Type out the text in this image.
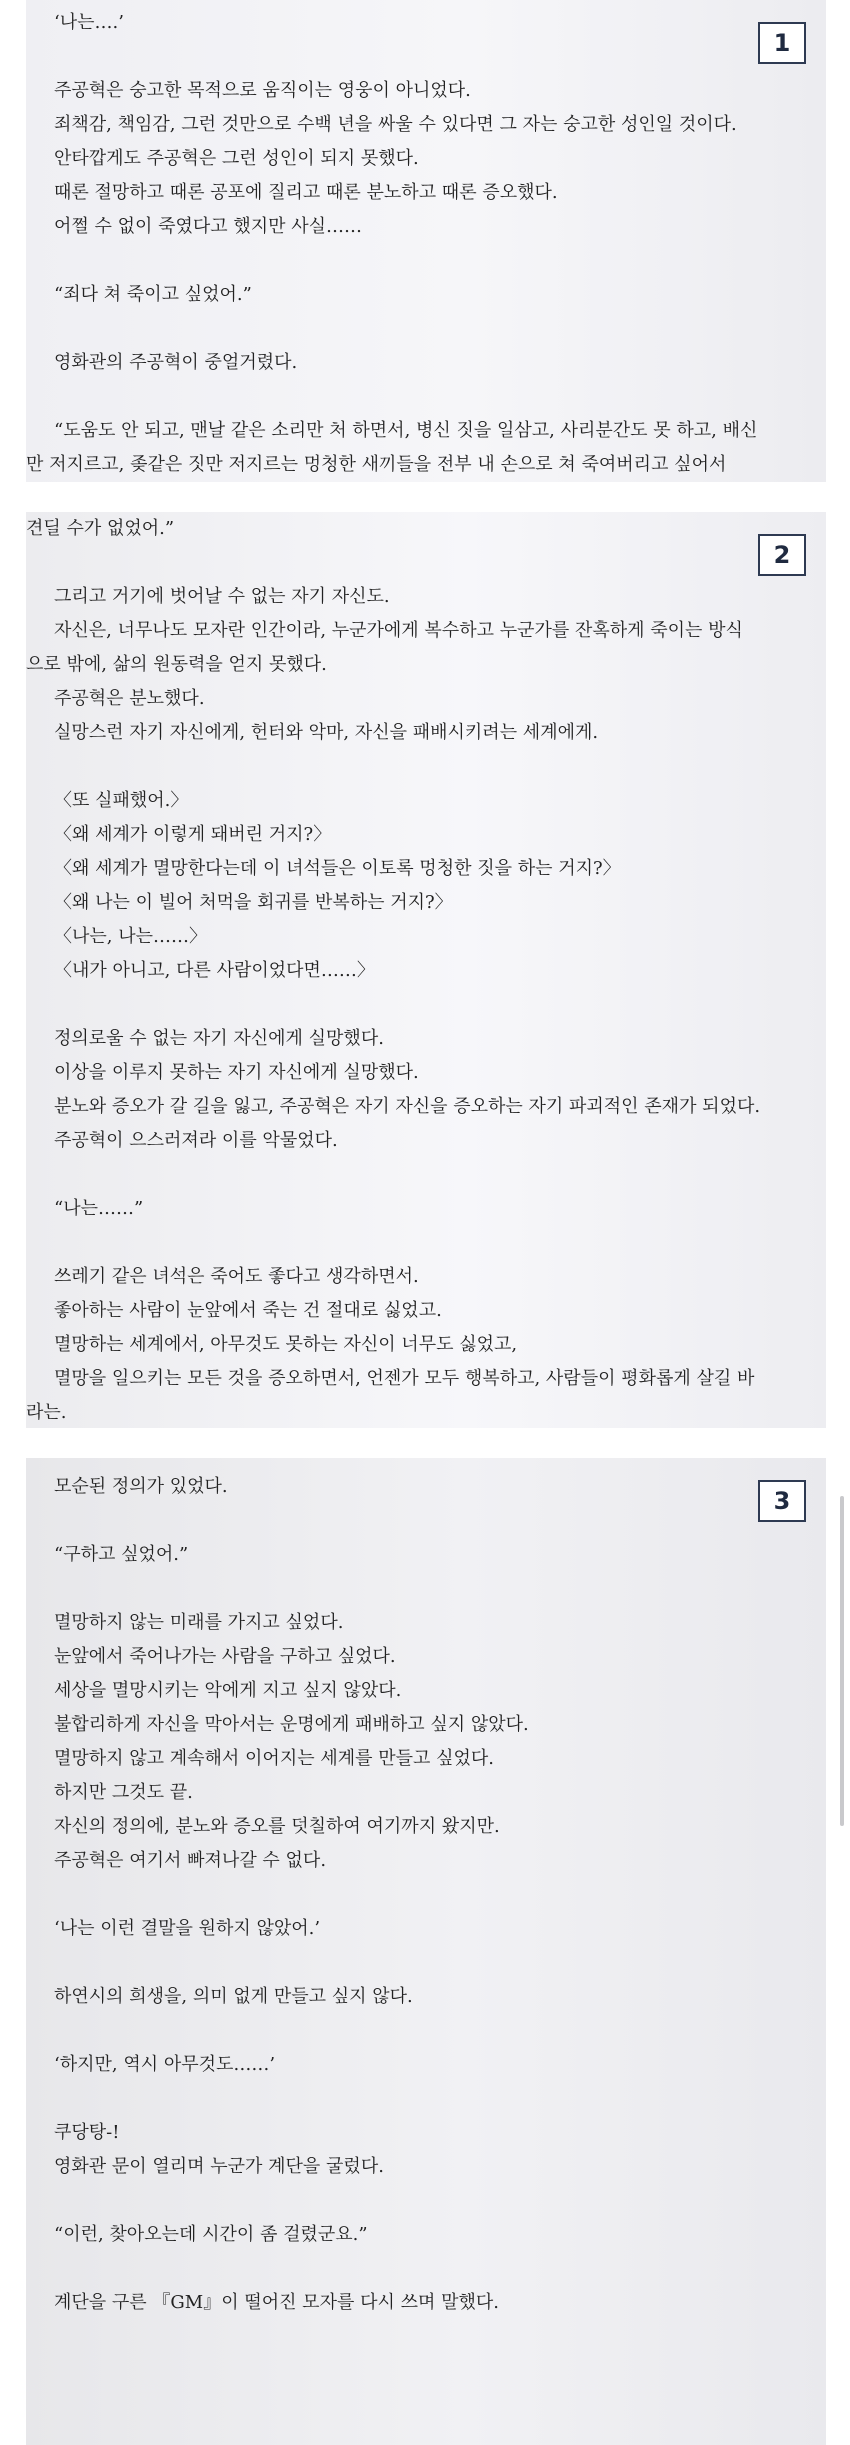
1
‘나는….’
주공혁은 숭고한 목적으로 움직이는 영웅이 아니었다.
죄책감, 책임감, 그런 것만으로 수백 년을 싸울 수 있다면 그 자는 숭고한 성인일 것이다.
안타깝게도 주공혁은 그런 성인이 되지 못했다.
때론 절망하고 때론 공포에 질리고 때론 분노하고 때론 증오했다.
어쩔 수 없이 죽였다고 했지만 사실……
“죄다 쳐 죽이고 싶었어.”
영화관의 주공혁이 중얼거렸다.
“도움도 안 되고, 맨날 같은 소리만 처 하면서, 병신 짓을 일삼고, 사리분간도 못 하고, 배신
만 저지르고, 좆같은 짓만 저지르는 멍청한 새끼들을 전부 내 손으로 쳐 죽여버리고 싶어서
2
견딜 수가 없었어.”
그리고 거기에 벗어날 수 없는 자기 자신도.
자신은, 너무나도 모자란 인간이라, 누군가에게 복수하고 누군가를 잔혹하게 죽이는 방식
으로 밖에, 삶의 원동력을 얻지 못했다.
주공혁은 분노했다.
실망스런 자기 자신에게, 헌터와 악마, 자신을 패배시키려는 세계에게.
〈또 실패했어.〉
〈왜 세계가 이렇게 돼버린 거지?〉
〈왜 세계가 멸망한다는데 이 녀석들은 이토록 멍청한 짓을 하는 거지?〉
〈왜 나는 이 빌어 처먹을 회귀를 반복하는 거지?〉
〈나는, 나는……〉
〈내가 아니고, 다른 사람이었다면……〉
정의로울 수 없는 자기 자신에게 실망했다.
이상을 이루지 못하는 자기 자신에게 실망했다.
분노와 증오가 갈 길을 잃고, 주공혁은 자기 자신을 증오하는 자기 파괴적인 존재가 되었다.
주공혁이 으스러져라 이를 악물었다.
“나는……”
쓰레기 같은 녀석은 죽어도 좋다고 생각하면서.
좋아하는 사람이 눈앞에서 죽는 건 절대로 싫었고.
멸망하는 세계에서, 아무것도 못하는 자신이 너무도 싫었고,
멸망을 일으키는 모든 것을 증오하면서, 언젠가 모두 행복하고, 사람들이 평화롭게 살길 바
라는.
3
모순된 정의가 있었다.
“구하고 싶었어.”
멸망하지 않는 미래를 가지고 싶었다.
눈앞에서 죽어나가는 사람을 구하고 싶었다.
세상을 멸망시키는 악에게 지고 싶지 않았다.
불합리하게 자신을 막아서는 운명에게 패배하고 싶지 않았다.
멸망하지 않고 계속해서 이어지는 세계를 만들고 싶었다.
하지만 그것도 끝.
자신의 정의에, 분노와 증오를 덧칠하여 여기까지 왔지만.
주공혁은 여기서 빠져나갈 수 없다.
‘나는 이런 결말을 원하지 않았어.’
하연시의 희생을, 의미 없게 만들고 싶지 않다.
‘하지만, 역시 아무것도……’
쿠당탕-!
영화관 문이 열리며 누군가 계단을 굴렀다.
“이런, 찾아오는데 시간이 좀 걸렸군요.”
계단을 구른 『GM』이 떨어진 모자를 다시 쓰며 말했다.
